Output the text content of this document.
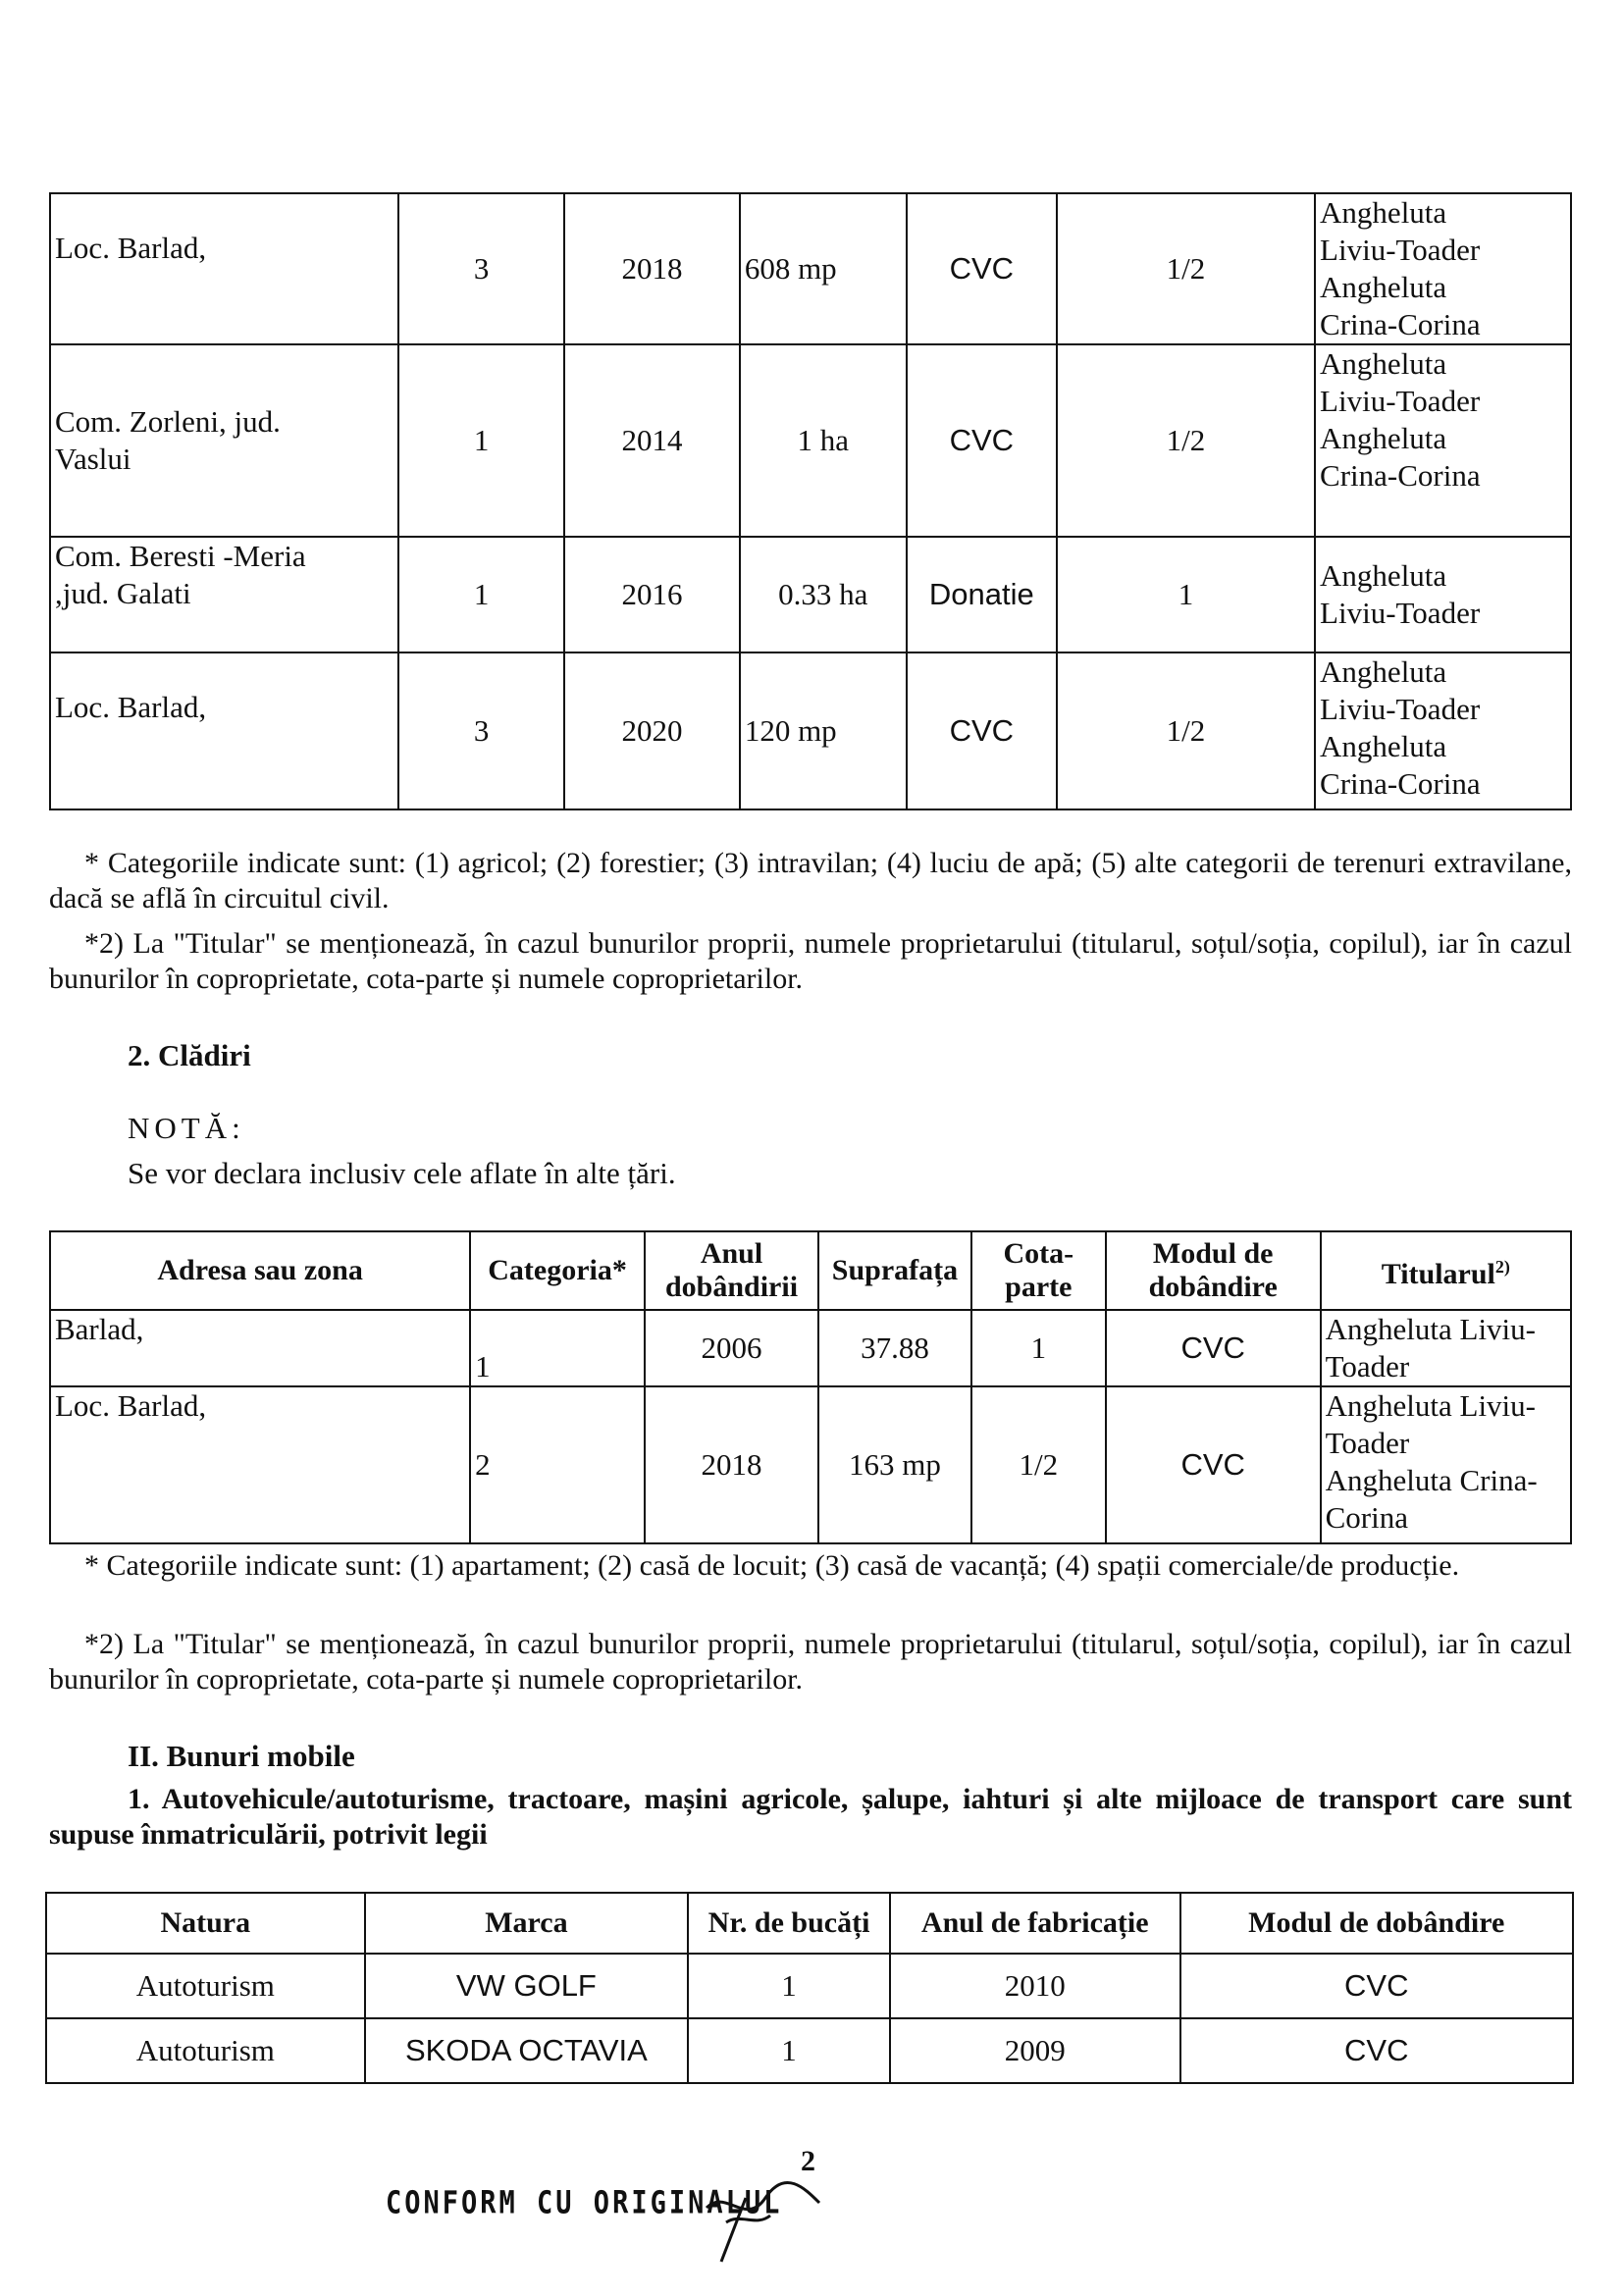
Loc. Barlad,	3	2018	608 mp	CVC	1/2	Angheluta
Liviu-Toader
Angheluta
Crina-Corina

Com. Zorleni, jud. Vaslui	1	2014	1 ha	CVC	1/2	Angheluta
Liviu-Toader
Angheluta
Crina-Corina

Com. Beresti -Meria ,jud. Galati	1	2016	0.33 ha	Donatie	1	Angheluta
Liviu-Toader

Loc. Barlad,	3	2020	120 mp	CVC	1/2	Angheluta
Liviu-Toader
Angheluta
Crina-Corina
* Categoriile indicate sunt: (1) agricol; (2) forestier; (3) intravilan; (4) luciu de apă; (5) alte categorii de terenuri extravilane, dacă se află în circuitul civil.
*2) La "Titular" se menționează, în cazul bunurilor proprii, numele proprietarului (titularul, soțul/soția, copilul), iar în cazul bunurilor în coproprietate, cota-parte și numele coproprietarilor.
2. Clădiri
NOTĂ:
Se vor declara inclusiv cele aflate în alte țări.
Adresa sau zona	Categoria*	Anul dobândirii	Suprafața	Cota-parte	Modul de dobândire	Titularul$^{2)}$
Barlad,	1	2006	37.88	1	CVC	Angheluta Liviu-
Toader

Loc. Barlad,	2	2018	163 mp	1/2	CVC	Angheluta Liviu-
Toader
Angheluta Crina-
Corina
* Categoriile indicate sunt: (1) apartament; (2) casă de locuit; (3) casă de vacanță; (4) spații comerciale/de producție.
*2) La "Titular" se menționează, în cazul bunurilor proprii, numele proprietarului (titularul, soțul/soția, copilul), iar în cazul bunurilor în coproprietate, cota-parte și numele coproprietarilor.
II. Bunuri mobile
1. Autovehicule/autoturisme, tractoare, mașini agricole, șalupe, iahturi și alte mijloace de transport care sunt supuse înmatriculării, potrivit legii
Natura	Marca	Nr. de bucăți	Anul de fabricație	Modul de dobândire
Autoturism	VW GOLF	1	2010	CVC
Autoturism	SKODA OCTAVIA	1	2009	CVC
2
CONFORM CU ORIGINALUL
